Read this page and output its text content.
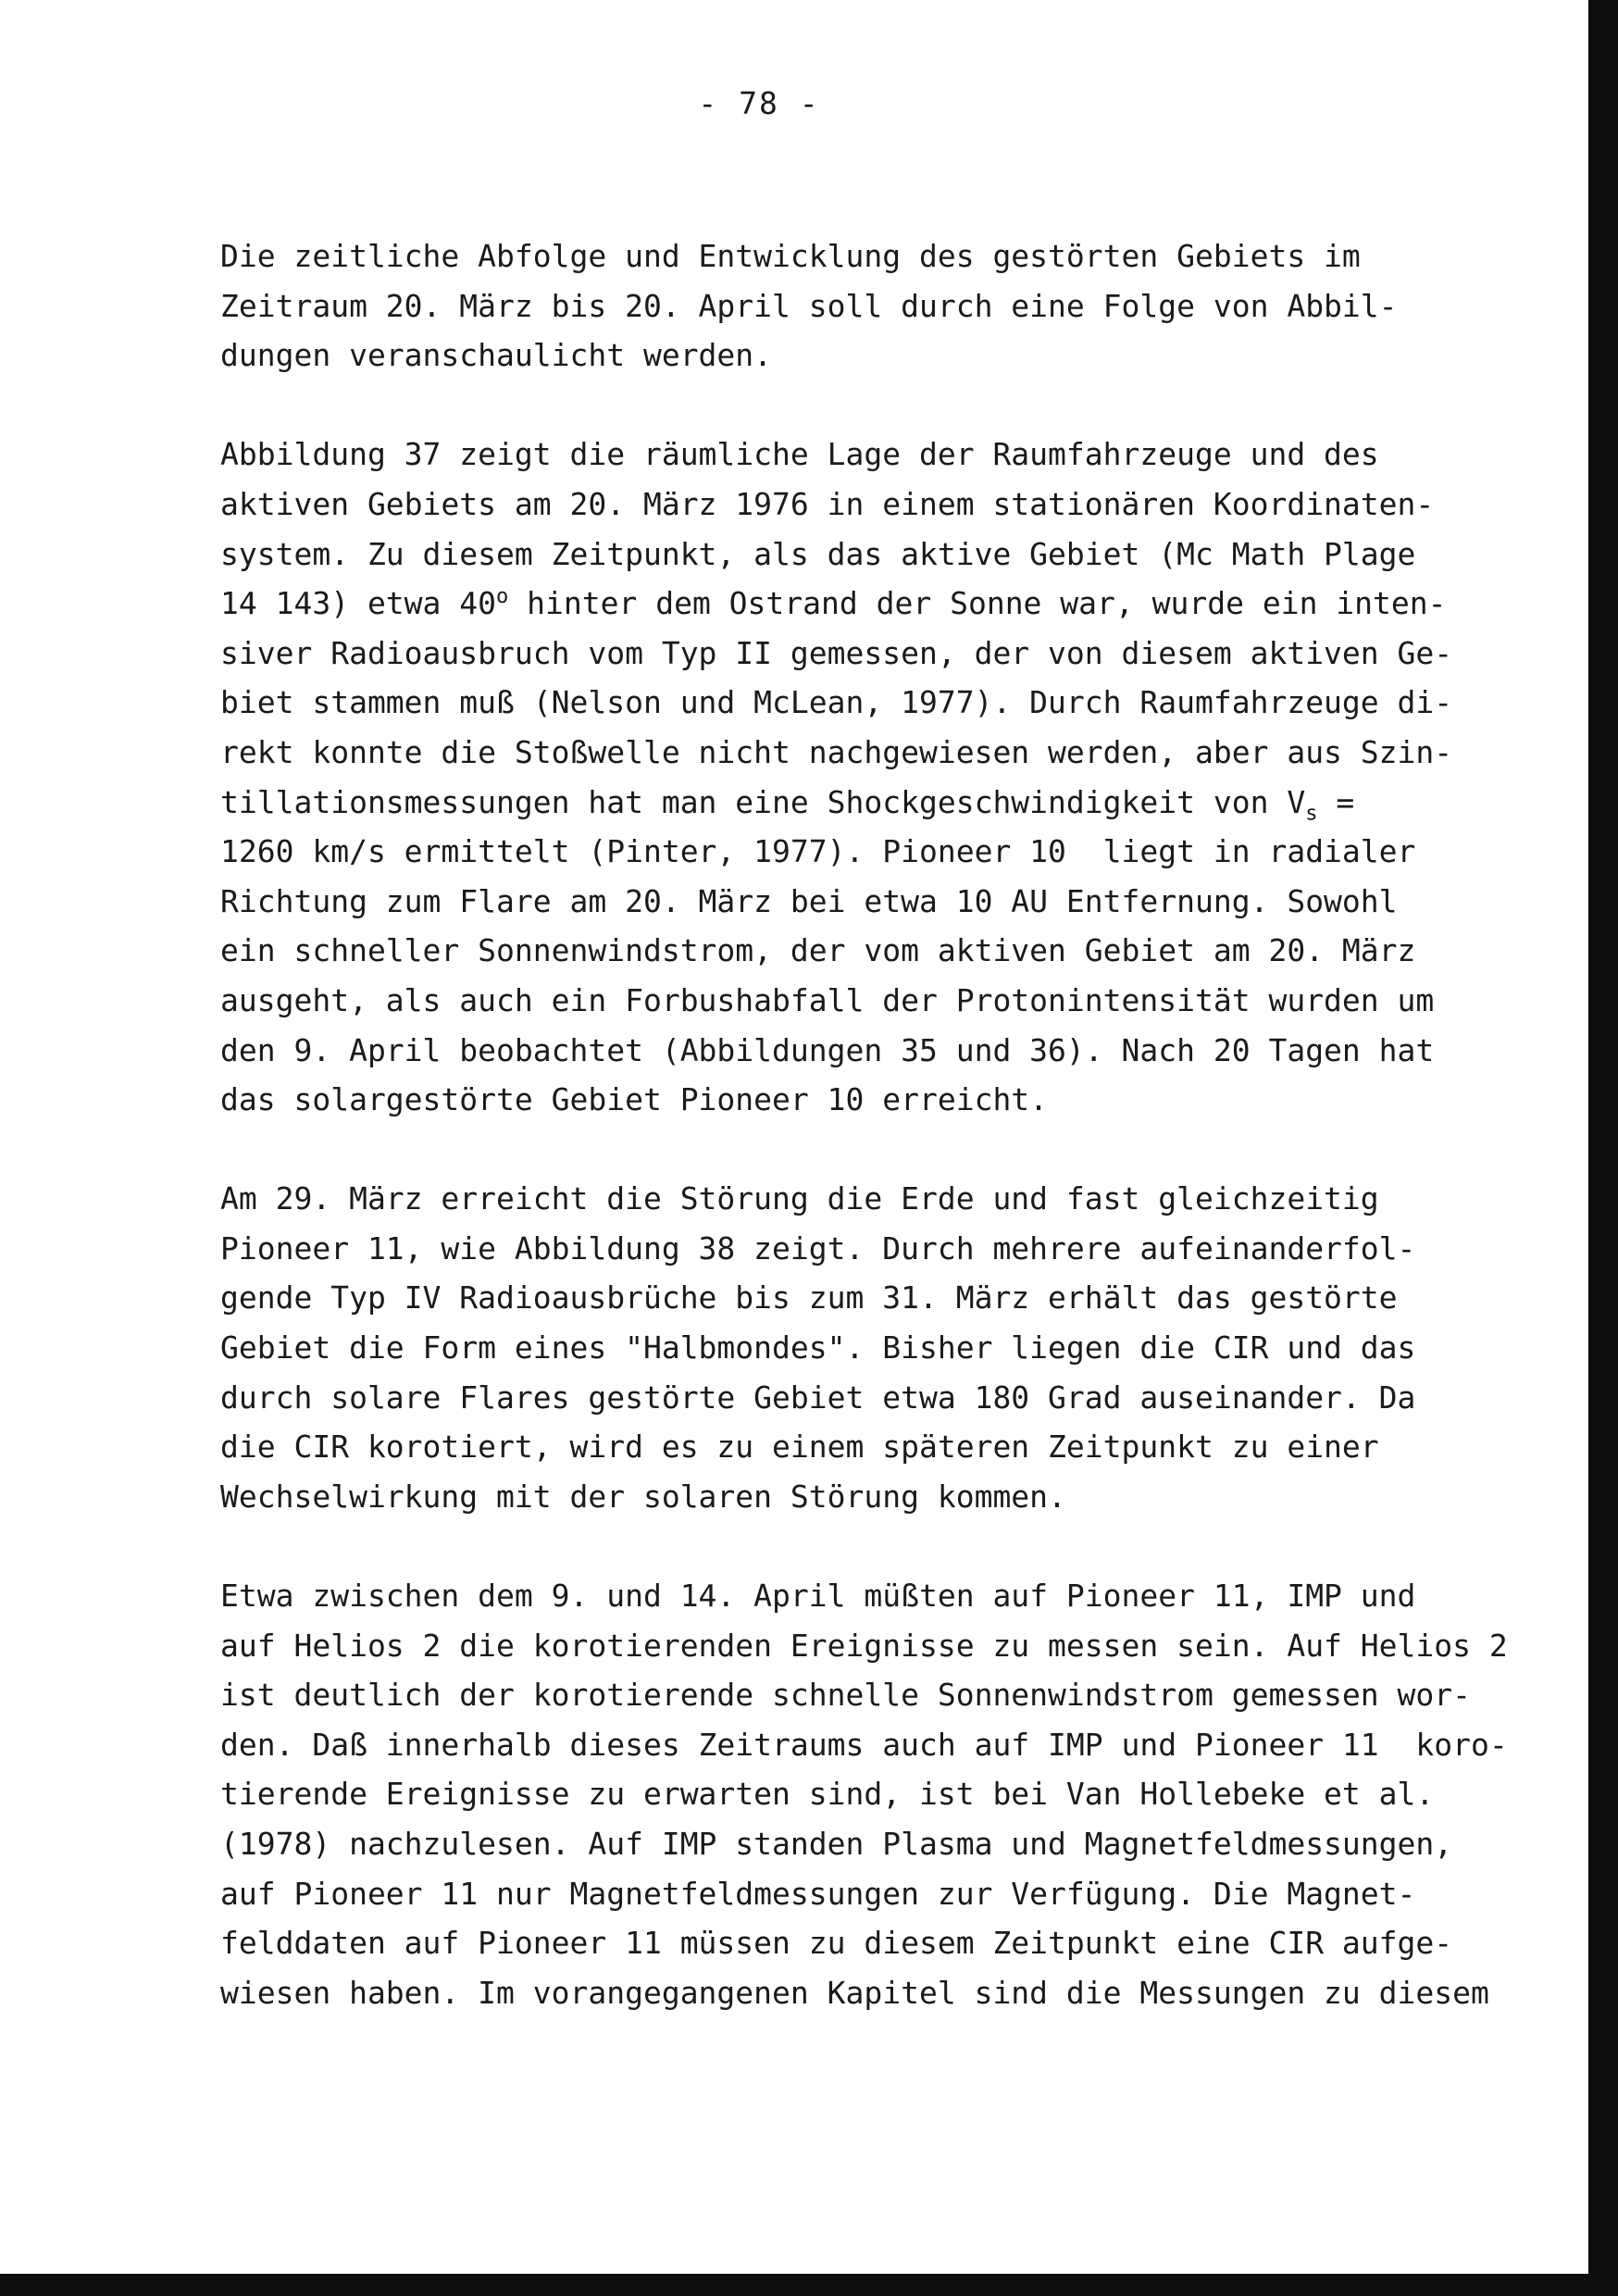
- 78 -
Die zeitliche Abfolge und Entwicklung des gestörten Gebiets im
Zeitraum 20. März bis 20. April soll durch eine Folge von Abbil-
dungen veranschaulicht werden.
Abbildung 37 zeigt die räumliche Lage der Raumfahrzeuge und des
aktiven Gebiets am 20. März 1976 in einem stationären Koordinaten-
system. Zu diesem Zeitpunkt, als das aktive Gebiet (Mc Math Plage
14 143) etwa 40$^o$ hinter dem Ostrand der Sonne war, wurde ein inten-
siver Radioausbruch vom Typ II gemessen, der von diesem aktiven Ge-
biet stammen muß (Nelson und McLean, 1977). Durch Raumfahrzeuge di-
rekt konnte die Stoßwelle nicht nachgewiesen werden, aber aus Szin-
tillationsmessungen hat man eine Shockgeschwindigkeit von $V_s$ =
1260 km/s ermittelt (Pinter, 1977). Pioneer 10  liegt in radialer
Richtung zum Flare am 20. März bei etwa 10 AU Entfernung. Sowohl
ein schneller Sonnenwindstrom, der vom aktiven Gebiet am 20. März
ausgeht, als auch ein Forbushabfall der Protonintensität wurden um
den 9. April beobachtet (Abbildungen 35 und 36). Nach 20 Tagen hat
das solargestörte Gebiet Pioneer 10 erreicht.
Am 29. März erreicht die Störung die Erde und fast gleichzeitig
Pioneer 11, wie Abbildung 38 zeigt. Durch mehrere aufeinanderfol-
gende Typ IV Radioausbrüche bis zum 31. März erhält das gestörte
Gebiet die Form eines "Halbmondes". Bisher liegen die CIR und das
durch solare Flares gestörte Gebiet etwa 180 Grad auseinander. Da
die CIR korotiert, wird es zu einem späteren Zeitpunkt zu einer
Wechselwirkung mit der solaren Störung kommen.
Etwa zwischen dem 9. und 14. April müßten auf Pioneer 11, IMP und
auf Helios 2 die korotierenden Ereignisse zu messen sein. Auf Helios 2
ist deutlich der korotierende schnelle Sonnenwindstrom gemessen wor-
den. Daß innerhalb dieses Zeitraums auch auf IMP und Pioneer 11  koro-
tierende Ereignisse zu erwarten sind, ist bei Van Hollebeke et al.
(1978) nachzulesen. Auf IMP standen Plasma und Magnetfeldmessungen,
auf Pioneer 11 nur Magnetfeldmessungen zur Verfügung. Die Magnet-
felddaten auf Pioneer 11 müssen zu diesem Zeitpunkt eine CIR aufge-
wiesen haben. Im vorangegangenen Kapitel sind die Messungen zu diesem
